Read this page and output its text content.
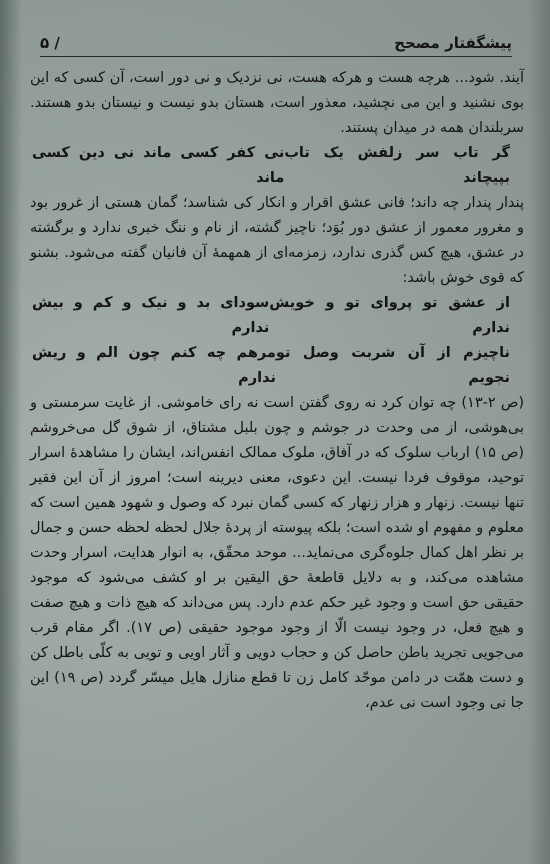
پیشگفتار مصحح
/ ۵

آیند. شود... هرچه هست و هرکه هست، نی نزدیک و نی دور است، آن کسی که این بوی نشنید و این می نچشید، معذور است، هستان بدو نیست و نیستان بدو هستند. سربلندان همه در میدان پستند.

گر تاب سر زلفش یک تاب بپیچاند
نی کفر کسی ماند نی دین کسی ماند

پندار پندار چه داند؛ فانی عشق اقرار و انکار کی شناسد؛ گمان هستی از غرور بود و مغرور معمور از عشق دور بُوَد؛ ناچیز گشته، از نام و ننگ خبری ندارد و برگشته در عشق، هیچ کس گذری ندارد، زمزمه‌ای از همهمهٔ آن فانیان گفته می‌شود. بشنو که قوی خوش باشد:

از عشق تو پروای تو و خویش ندارم
سودای بد و نیک و کم و بیش ندارم
ناچیزم از آن شربت وصل تو نجویم
مرهم چه کنم چون الم و ریش ندارم

(ص ۲-۱۳) چه توان کرد نه روی گفتن است نه رای خاموشی. از غایت سرمستی و بی‌هوشی، از می وحدت در جوشم و چون بلبل مشتاق، از شوق گل می‌خروشم (ص ۱۵) ارباب سلوک که در آفاق، ملوک ممالک انفس‌اند، ایشان را مشاهدهٔ اسرار توحید، موقوف فردا نیست. این دعوی، معنی دیرینه است؛ امروز از آن این فقیر تنها نیست. زنهار و هزار زنهار که کسی گمان نبرد که وصول و شهود همین است که معلوم و مفهوم او شده است؛ بلکه پیوسته از پردهٔ جلال لحظه لحظه حسن و جمال بر نظر اهل کمال جلوه‌گری می‌نماید... موحد محقّق، به انوار هدایت، اسرار وحدت مشاهده می‌کند، و به دلایل قاطعهٔ حق الیقین بر او کشف می‌شود که موجود حقیقی حق است و وجود غیر حکم عدم دارد. پس می‌داند که هیچ ذات و هیچ صفت و هیچ فعل، در وجود نیست الّا از وجود موجود حقیقی (ص ۱۷). اگر مقام قرب می‌جویی تجرید باطن حاصل کن و حجاب دویی و آثار اویی و تویی به کلّی باطل کن و دست همّت در دامن موحّد کامل زن تا قطع منازل هایل میسّر گردد (ص ۱۹) این جا نی وجود است نی عدم،
